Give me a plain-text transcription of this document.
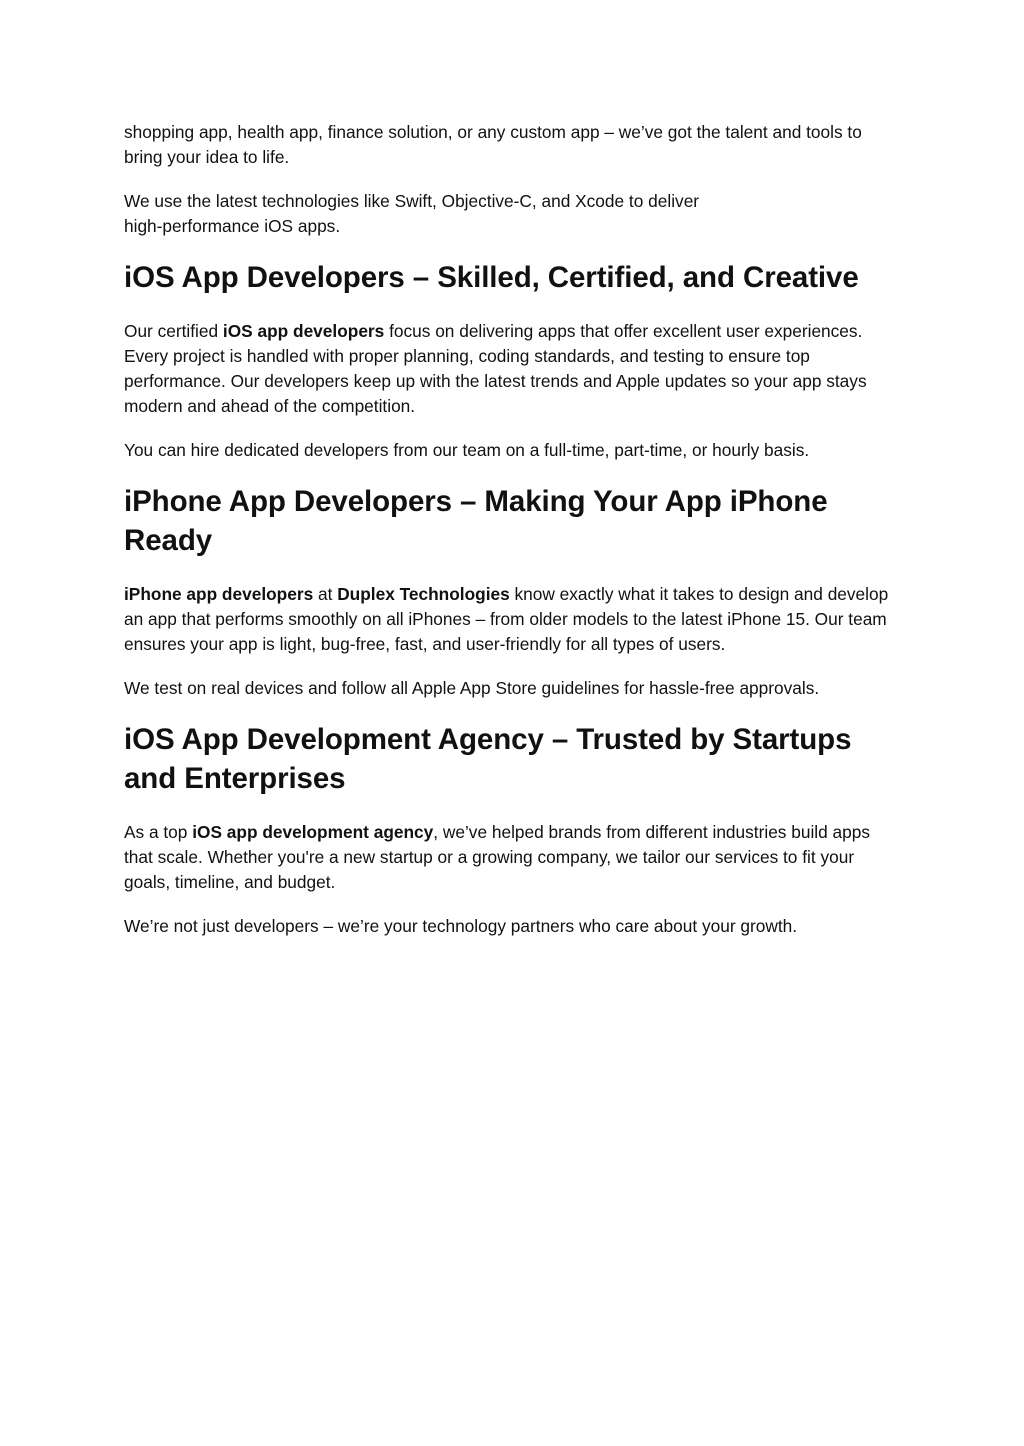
shopping app, health app, finance solution, or any custom app – we’ve got the talent and tools to bring your idea to life.

We use the latest technologies like Swift, Objective-C, and Xcode to deliver
high-performance iOS apps.

iOS App Developers – Skilled, Certified, and Creative

Our certified iOS app developers focus on delivering apps that offer excellent user experiences. Every project is handled with proper planning, coding standards, and testing to ensure top performance. Our developers keep up with the latest trends and Apple updates so your app stays modern and ahead of the competition.

You can hire dedicated developers from our team on a full-time, part-time, or hourly basis.

iPhone App Developers – Making Your App iPhone Ready

iPhone app developers at Duplex Technologies know exactly what it takes to design and develop an app that performs smoothly on all iPhones – from older models to the latest iPhone 15. Our team ensures your app is light, bug-free, fast, and user-friendly for all types of users.

We test on real devices and follow all Apple App Store guidelines for hassle-free approvals.

iOS App Development Agency – Trusted by Startups and Enterprises

As a top iOS app development agency, we’ve helped brands from different industries build apps that scale. Whether you're a new startup or a growing company, we tailor our services to fit your goals, timeline, and budget.

We’re not just developers – we’re your technology partners who care about your growth.
